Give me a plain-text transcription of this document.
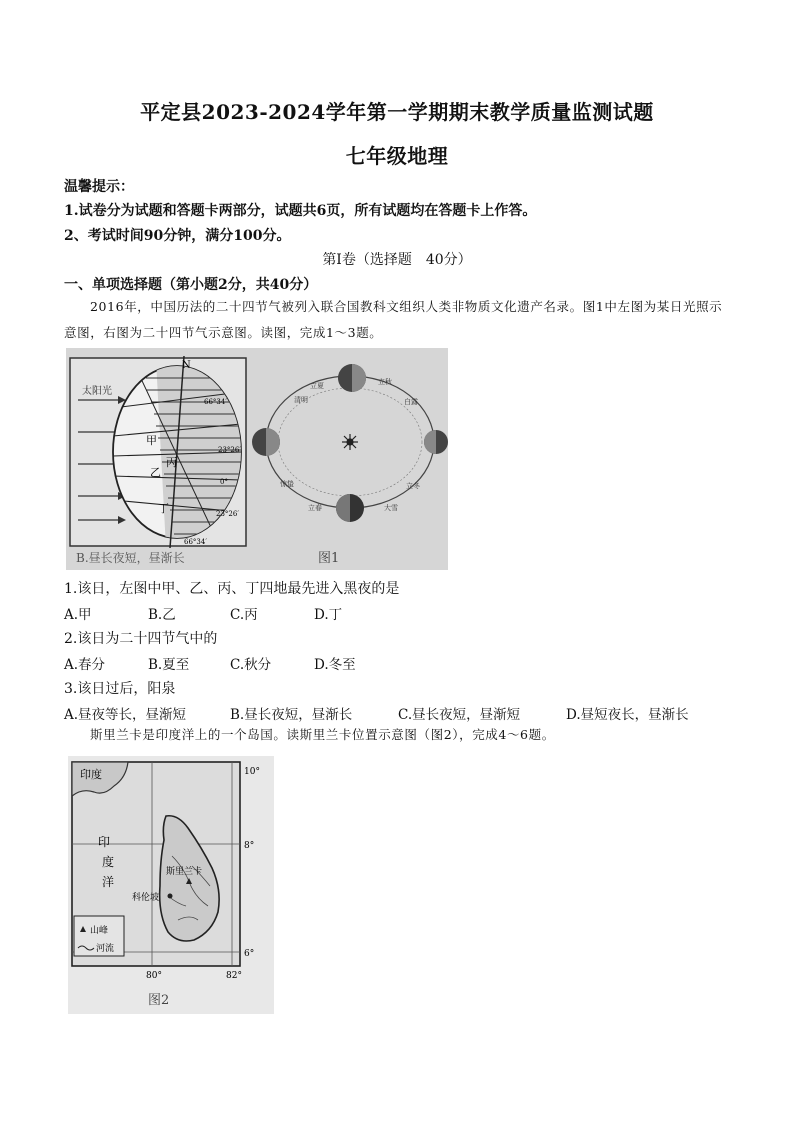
平定县2023-2024学年第一学期期末教学质量监测试题
七年级地理
温馨提示：
1.试卷分为试题和答题卡两部分，试题共6页，所有试题均在答题卡上作答。
2、考试时间90分钟，满分100分。
第Ⅰ卷（选择题　40分）
一、单项选择题（第小题2分，共40分）
2016年，中国历法的二十四节气被列入联合国教科文组织人类非物质文化遗产名录。图1中左图为某日光照示意图，右图为二十四节气示意图。读图，完成1～3题。
太阳光
N
甲
乙
丙
丁
66°34′
23°26′
0°
23°26′
66°34′
清明
立夏	立秋
白露
立冬
大雪
立春
惊蛰
B.昼长夜短，昼渐长	图1
1.该日，左图中甲、乙、丙、丁四地最先进入黑夜的是
A.甲	B.乙	C.丙	D.丁
2.该日为二十四节气中的
A.春分	B.夏至	C.秋分	D.冬至
3.该日过后，阳泉
A.昼夜等长，昼渐短	B.昼长夜短，昼渐长	C.昼长夜短，昼渐短	D.昼短夜长，昼渐长
斯里兰卡是印度洋上的一个岛国。读斯里兰卡位置示意图（图2），完成4～6题。
印度
印
度
洋
斯里兰卡
科伦坡
山峰
河流
10°
8°
6°
80°	82°
图2
